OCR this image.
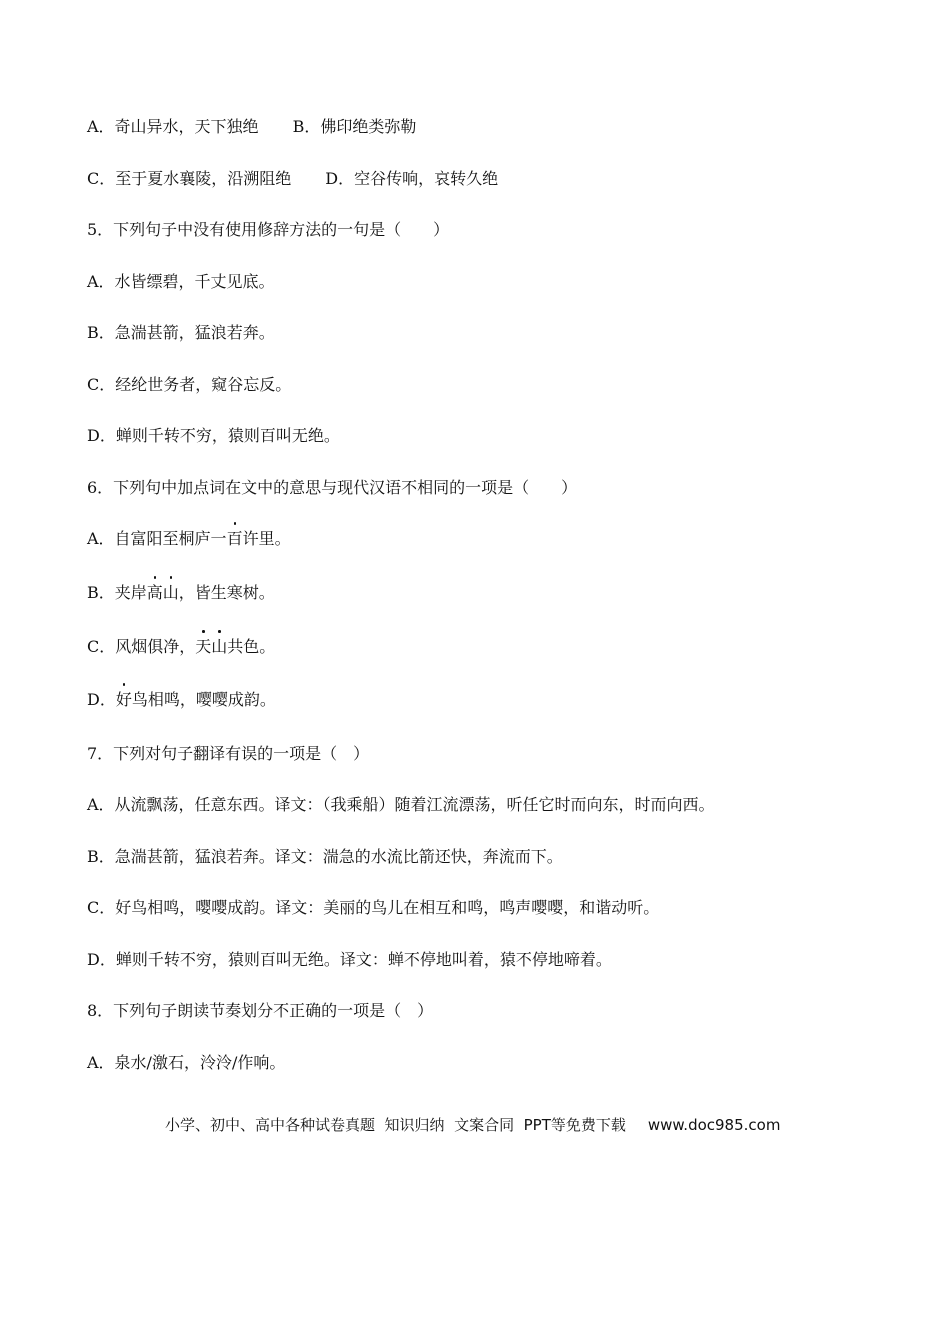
A．奇山异水，天下独绝 B．佛印绝类弥勒
C．至于夏水襄陵，沿溯阻绝 D．空谷传响，哀转久绝
5．下列句子中没有使用修辞方法的一句是（　　）
A．水皆缥碧，千丈见底。
B．急湍甚箭，猛浪若奔。
C．经纶世务者，窥谷忘反。
D．蝉则千转不穷，猿则百叫无绝。
6．下列句中加点词在文中的意思与现代汉语不相同的一项是（　　）
A．自富阳至桐庐一百许里。
B．夹岸高山，皆生寒树。
C．风烟俱净，天山共色。
D．好鸟相鸣，嘤嘤成韵。
7．下列对句子翻译有误的一项是（　）
A．从流飘荡，任意东西。译文：（我乘船）随着江流漂荡，听任它时而向东，时而向西。
B．急湍甚箭，猛浪若奔。译文：湍急的水流比箭还快，奔流而下。
C．好鸟相鸣，嘤嘤成韵。译文：美丽的鸟儿在相互和鸣，鸣声嘤嘤，和谐动听。
D．蝉则千转不穷，猿则百叫无绝。译文：蝉不停地叫着，猿不停地啼着。
8．下列句子朗读节奏划分不正确的一项是（　）
A．泉水/激石，泠泠/作响。
小学、初中、高中各种试卷真题  知识归纳  文案合同  PPT等免费下载 www.doc985.com
